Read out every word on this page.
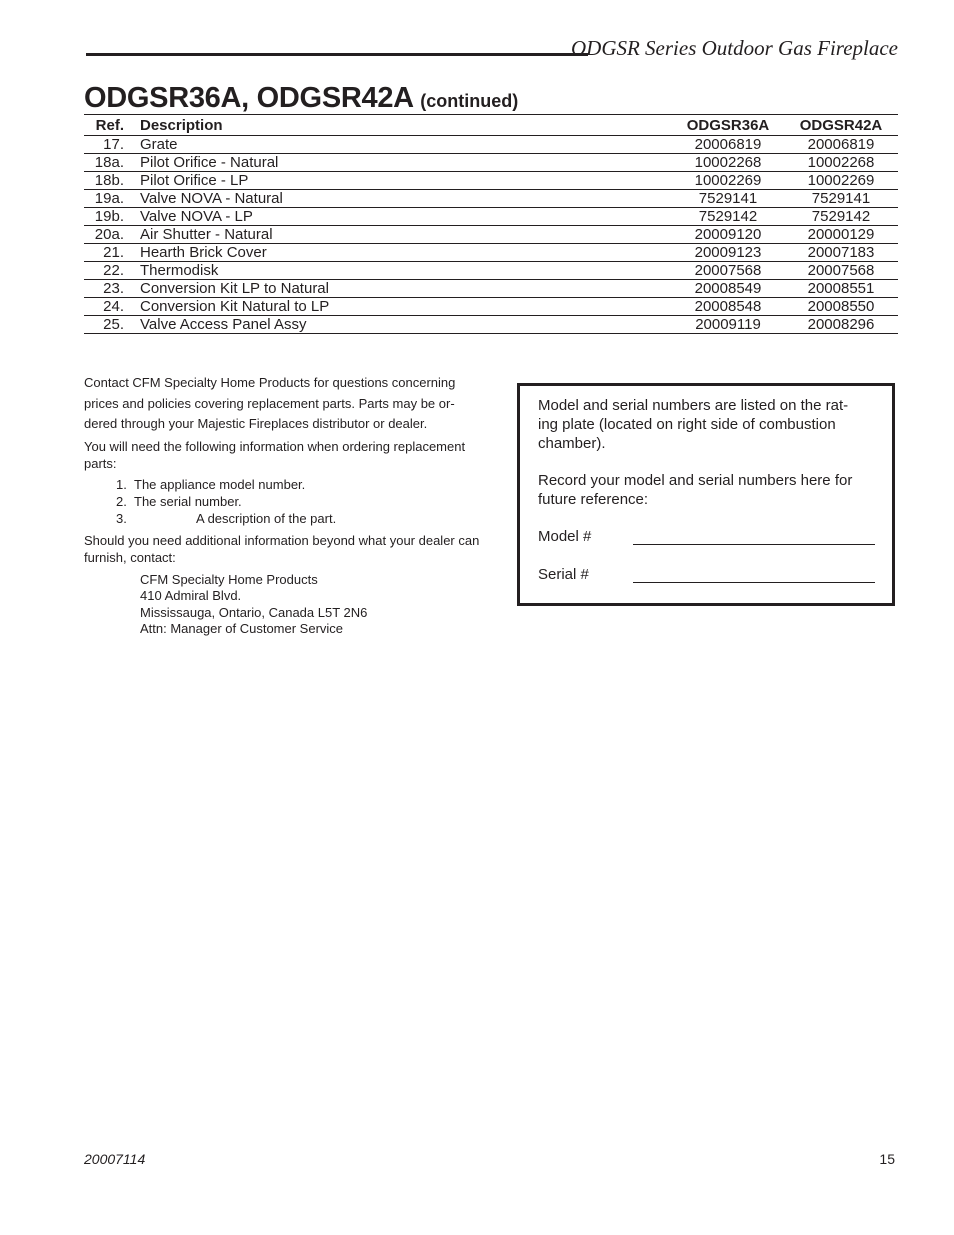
ODGSR Series Outdoor Gas Fireplace
ODGSR36A, ODGSR42A (continued)
Ref.	Description	ODGSR36A	ODGSR42A
17.	Grate	20006819	20006819
18a.	Pilot Orifice - Natural	10002268	10002268
18b.	Pilot Orifice - LP	10002269	10002269
19a.	Valve NOVA - Natural	7529141	7529141
19b.	Valve NOVA - LP	7529142	7529142
20a.	Air Shutter - Natural	20009120	20000129
21.	Hearth Brick Cover	20009123	20007183
22.	Thermodisk	20007568	20007568
23.	Conversion Kit LP to Natural	20008549	20008551
24.	Conversion Kit Natural to LP	20008548	20008550
25.	Valve Access Panel Assy	20009119	20008296

Contact CFM Specialty Home Products for questions concerning

prices and policies covering replacement parts. Parts may be or-

dered through your Majestic Fireplaces distributor or dealer.

You will need the following information when ordering replacement parts:

1. The appliance model number.
2. The serial number.
3.	A description of the part.

Should you need additional information beyond what your dealer can furnish, contact:

CFM Specialty Home Products
410 Admiral Blvd.
Mississauga, Ontario, Canada L5T 2N6
Attn: Manager of Customer Service

Model and serial numbers are listed on the rat- ing plate (located on right side of combustion chamber).

Record your model and serial numbers here for future reference:

Model #
Serial #
20007114	15
